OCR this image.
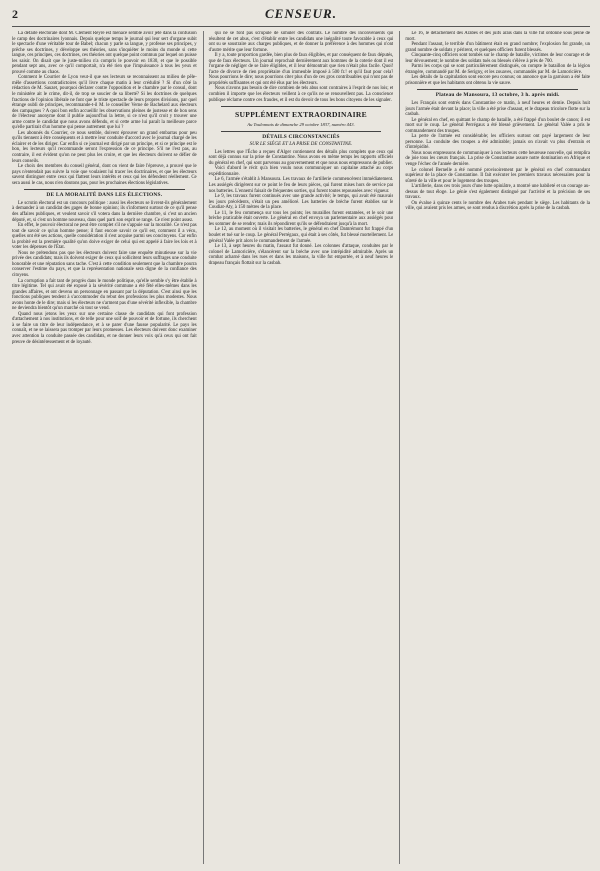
2	CENSEUR.

La défaite électorale dont M. Clément Reyre est menacé semble avoir jeté dans la confusion le camp des doctrinaires lyonnais. Depuis quelque temps le journal qui leur sert d'organe subit le spectacle d'une véritable tour de Babel; chacun y parle sa langue, y professe ses principes, y prêche ses doctrines, y développe ses théories, sans s'inquiéter le moins du monde si cette langue, ces principes, ces doctrines, ces théories ont quelque point commun par lequel on puisse les saisir. On disait que le juste-milieu n'a compris le pouvoir en 1830, et que le possible pendant sept ans, avec ce qu'il comportait, n'a été rien que l'impuissance à tous les yeux et prouvé comme au chaos.

Comment le Courrier de Lyon veut-il que ses lecteurs se reconnaissent au milieu de pêle-mêle d'assertions contradictoires qu'il livre chaque matin à leur crédulité ? Si d'un côté la rédaction de M. Sauzet, pourquoi déclarer contre l'opposition et le chambre par le consul, dont le ministère ait le crime, dit-il, de trop se soucier de sa liberté? Si les doctrines de quelques fractions de l'opinion libérale ne font que le triste spectacle de leurs propres divisions, par quel étrange oubli de principes, recommande-t-il M. le conseiller Verne de Bachelard aux électeurs des campagnes ? A quoi bon enfin accueillir les observations pleines de justesse et de bon sens de l'électeur anonyme dont il publie aujourd'hui la lettre, si ce n'est qu'il croit y trouver une arme contre le candidat que nous avons défendu, et si cette arme lui paraît la meilleure parce qu'elle partirait d'un homme qui pense autrement que lui ?

Les abonnés du Courrier, ce nous semble, doivent éprouver un grand embarras pour peu qu'ils tiennent à être conséquents et à mettre leur conduite d'accord avec le journal chargé de les éclairer et de les diriger. Car enfin si ce journal est dirigé par un principe, et si ce principe est le bon, les lecteurs qu'il recommande seront l'expression de ce principe. S'il ne l'est pas, au contraire, il est évident qu'on ne peut plus les croire, et que les électeurs doivent se défier de leurs conseils.

Le choix des membres du conseil général, dont on vient de faire l'épreuve, a prouvé que le pays n'entendait pas suivre la voie que voulaient lui tracer les doctrinaires, et que les électeurs savent distinguer entre ceux qui flattent leurs intérêts et ceux qui les défendent réellement. Ce sera aussi le cas, nous n'en doutons pas, pour les prochaines élections législatives.

DE LA MORALITÉ DANS LES ÉLECTIONS.

Le scrutin électoral est un concours politique : aussi les électeurs se livrent-ils généralement à demander à un candidat des gages de bonne opinion; ils s'informent surtout de ce qu'il pense des affaires publiques, et veulent savoir s'il votera dans la dernière chambre, si c'est un ancien député, et, si c'est un homme nouveau, dans quel parti son esprit se range. Ce n'est point assez.

En effet, le pouvoir électoral ne peut être complet s'il ne s'appuie sur la moralité. Ce n'est pas tout de savoir ce qu'un homme pense; il faut encore savoir ce qu'il est, comment il a vécu, quelles ont été ses actions, quelle considération il s'est acquise parmi ses concitoyens. Car enfin la probité est la première qualité qu'on doive exiger de celui qui est appelé à faire les lois et à voter les dépenses de l'État.

Nous ne prétendons pas que les électeurs doivent faire une enquête minutieuse sur la vie privée des candidats; mais ils doivent exiger de ceux qui sollicitent leurs suffrages une conduite honorable et une réputation sans tache. C'est à cette condition seulement que la chambre pourra conserver l'estime du pays, et que la représentation nationale sera digne de la confiance des citoyens.

La corruption a fait tant de progrès dans le monde politique, qu'elle semble s'y être établie à titre légitime. Tel qui avait été exposé à la sévérité commune a été fêté elles-mêmes dans les grandes affaires, et ont devenu un personnage en passant par la députation. C'est ainsi que les fonctions publiques tendent à s'accommoder du rebut des professions les plus modestes. Nous avons honte de le dire; mais si les électeurs ne s'arment pas d'une sévérité inflexible, la chambre ne deviendra bientôt qu'un marché où tout se vend.

Quand nous jetons les yeux sur une certaine classe de candidats qui font profession d'attachement à nos institutions, et de telle pour une soif de pouvoir et de fortune, ils cherchent à se faire un titre de leur indépendance, et à se parer d'une fausse popularité. Le pays les connaît, et ne se laissera pas tromper par leurs promesses. Les électeurs doivent donc examiner avec attention la conduite passée des candidats, et ne donner leurs voix qu'à ceux qui ont fait preuve de désintéressement et de loyauté.

qui ne se font pas scrupule de simuler des contrats. Le nombre des inconvénients qui résultent de cet abus, c'est d'établir entre les candidats une inégalité toute favorable à ceux qui ont su se soustraire aux charges publiques, et de donner la préférence à des hommes qui n'ont d'autre mérite que leur fortune.

Il y a, toute proportion gardée, bien plus de faux éligibles, et par conséquent de faux députés, que de faux électeurs. Un journal reprochait dernièrement aux hommes de la coterie dont il est l'organe de négliger de se faire éligibles, et il leur démontrait que rien n'était plus facile. Quoi! l'acte de divorce de rien propriétaire d'un immeuble imposé à 500 fr.! et qu'il faut pour cela? Nous pourrions le dire; nous pourrions citer plus d'un de ces gros contribuables qui n'ont pas de propriétés suffisantes et qui ont été élus par les électeurs.

Nous n'avons pas besoin de dire combien de tels abus sont contraires à l'esprit de nos lois; et combien il importe que les électeurs veillent à ce qu'ils ne se renouvellent pas. La conscience publique réclame contre ces fraudes, et il est du devoir de tous les bons citoyens de les signaler.

SUPPLÉMENT EXTRAORDINAIRE
Au Toulonnais de dimanche 29 octobre 1837, numéro 443.
DÉTAILS CIRCONSTANCIÉS
SUR LE SIÉGE ET LA PRISE DE CONSTANTINE.

Les lettres que l'Écho a reçues d'Alger contiennent des détails plus complets que ceux qui sont déjà connus sur la prise de Constantine. Nous avons en même temps les rapports officiels du général en chef, qui sont parvenus au gouvernement et que nous nous empressons de publier.

Voici d'abord le récit qu'a bien voulu nous communiquer un capitaine attaché au corps expéditionnaire.

Le 6, l'armée s'établit à Mansoura. Les travaux de l'artillerie commencèrent immédiatement. Les assiégés dirigèrent sur ce point le feu de leurs pièces, qui furent mises hors de service par nos batteries. L'ennemi faisait de fréquentes sorties, qui furent toutes repoussées avec vigueur.

Le 9, les travaux furent continués avec une grande activité; le temps, qui avait été mauvais les jours précédents, s'était un peu amélioré. Les batteries de brèche furent établies sur le Coudiat-Aty, à 150 mètres de la place.

Le 11, le feu commença sur tous les points; les murailles furent entamées, et le soir une brèche praticable était ouverte. Le général en chef envoya un parlementaire aux assiégés pour les sommer de se rendre; mais ils répondirent qu'ils se défendraient jusqu'à la mort.

Le 12, au moment où il visitait les batteries, le général en chef Damrémont fut frappé d'un boulet et tué sur le coup. Le général Perrégaux, qui était à ses côtés, fut blessé mortellement. Le général Valée prit alors le commandement de l'armée.

Le 13, à sept heures du matin, l'assaut fut donné. Les colonnes d'attaque, conduites par le colonel de Lamoricière, s'élancèrent sur la brèche avec une intrépidité admirable. Après un combat acharné dans les rues et dans les maisons, la ville fut emportée, et à neuf heures le drapeau français flottait sur la casbah.

Le 16, le détachement des Arabes et des juifs araîs dans la ville fut ordonné sous peine de mort.

Pendant l'assaut, le terrible d'un bâtiment était en grand nombre; l'explosion fut grande, un grand nombre de soldats y périrent, et quelques officiers furent blessés.

Cinquante-cinq officiers sont tombés sur le champ de bataille, victimes de leur courage et de leur dévouement; le nombre des soldats tués ou blessés s'élève à près de 700.

Parmi les corps qui se sont particulièrement distingués, on compte le bataillon de la légion étrangère, commandé par M. de Serigny, et les zouaves, commandés par M. de Lamoricière.

Les détails de la capitulation sont encore peu connus; on annonce que la garnison a été faite prisonnière et que les habitants ont obtenu la vie sauve.

Plateau de Mansoura, 13 octobre, 3 h. après midi.

Les Français sont entrés dans Constantine ce matin, à neuf heures et demie. Depuis huit jours l'armée était devant la place; la ville a été prise d'assaut, et le drapeau tricolore flotte sur la casbah.

Le général en chef, en quittant le champ de bataille, a été frappé d'un boulet de canon; il est mort sur le coup. Le général Perrégaux a été blessé grièvement. Le général Valée a pris le commandement des troupes.

La perte de l'armée est considérable; les officiers surtout ont payé largement de leur personne. La conduite des troupes a été admirable; jamais on n'avait vu plus d'entrain et d'intrépidité.

Nous nous empressons de communiquer à nos lecteurs cette heureuse nouvelle, qui remplira de joie tous les cœurs français. La prise de Constantine assure notre domination en Afrique et venge l'échec de l'année dernière.

Le colonel Bernelle a été nommé provisoirement par le général en chef commandant supérieur de la place de Constantine. Il fait exécuter les premiers travaux nécessaires pour la sûreté de la ville et pour le logement des troupes.

L'artillerie, dans ces trois jours d'une lutte opiniâtre, a montré une habileté et un courage au-dessus de tout éloge. Le génie s'est également distingué par l'activité et la précision de ses travaux.

On évalue à quinze cents le nombre des Arabes tués pendant le siège. Les habitants de la ville, qui avaient pris les armes, se sont rendus à discrétion après la prise de la casbah.
